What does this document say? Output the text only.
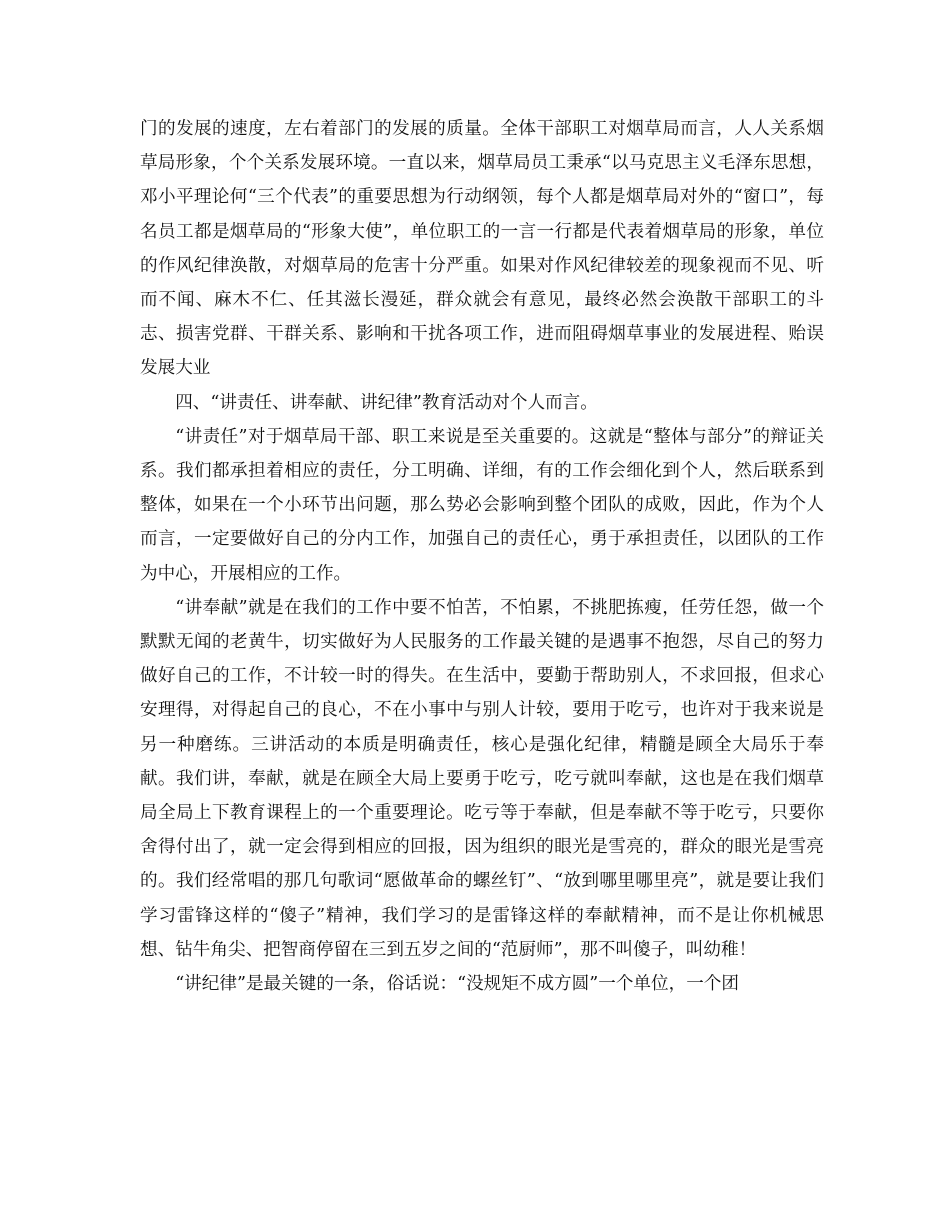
门的发展的速度，左右着部门的发展的质量。全体干部职工对烟草局而言，人人关系烟草局形象，个个关系发展环境。一直以来，烟草局员工秉承“以马克思主义毛泽东思想，邓小平理论何“三个代表”的重要思想为行动纲领，每个人都是烟草局对外的“窗口”，每名员工都是烟草局的“形象大使”，单位职工的一言一行都是代表着烟草局的形象，单位的作风纪律涣散，对烟草局的危害十分严重。如果对作风纪律较差的现象视而不见、听而不闻、麻木不仁、任其滋长漫延，群众就会有意见，最终必然会涣散干部职工的斗志、损害党群、干群关系、影响和干扰各项工作，进而阻碍烟草事业的发展进程、贻误发展大业

四、“讲责任、讲奉献、讲纪律”教育活动对个人而言。

“讲责任”对于烟草局干部、职工来说是至关重要的。这就是“整体与部分”的辩证关系。我们都承担着相应的责任，分工明确、详细，有的工作会细化到个人，然后联系到整体，如果在一个小环节出问题，那么势必会影响到整个团队的成败，因此，作为个人而言，一定要做好自己的分内工作，加强自己的责任心，勇于承担责任，以团队的工作为中心，开展相应的工作。

“讲奉献”就是在我们的工作中要不怕苦，不怕累，不挑肥拣瘦，任劳任怨，做一个默默无闻的老黄牛，切实做好为人民服务的工作最关键的是遇事不抱怨，尽自己的努力做好自己的工作，不计较一时的得失。在生活中，要勤于帮助别人，不求回报，但求心安理得，对得起自己的良心，不在小事中与别人计较，要用于吃亏，也许对于我来说是另一种磨练。三讲活动的本质是明确责任，核心是强化纪律，精髓是顾全大局乐于奉献。我们讲，奉献，就是在顾全大局上要勇于吃亏，吃亏就叫奉献，这也是在我们烟草局全局上下教育课程上的一个重要理论。吃亏等于奉献，但是奉献不等于吃亏，只要你舍得付出了，就一定会得到相应的回报，因为组织的眼光是雪亮的，群众的眼光是雪亮的。我们经常唱的那几句歌词“愿做革命的螺丝钉”、“放到哪里哪里亮”，就是要让我们学习雷锋这样的“傻子”精神，我们学习的是雷锋这样的奉献精神，而不是让你机械思想、钻牛角尖、把智商停留在三到五岁之间的“范厨师”，那不叫傻子，叫幼稚！

“讲纪律”是最关键的一条，俗话说：“没规矩不成方圆”一个单位，一个团
